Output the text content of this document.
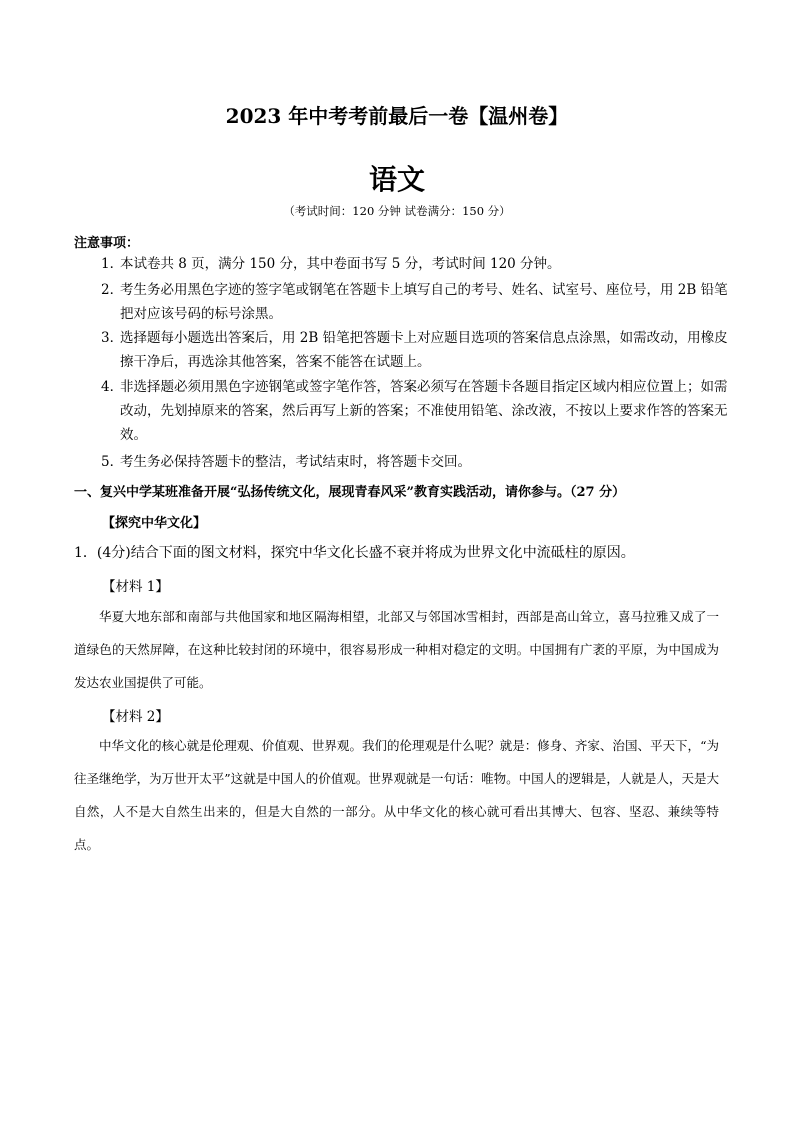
2023 年中考考前最后一卷【温州卷】
语文
（考试时间：120 分钟 试卷满分：150 分）
注意事项：
1．
本试卷共 8 页，满分 150 分，其中卷面书写 5 分，考试时间 120 分钟。
2．
考生务必用黑色字迹的签字笔或钢笔在答题卡上填写自己的考号、姓名、试室号、座位号，用 2B 铅笔把对应该号码的标号涂黑。
3．
选择题每小题选出答案后，用 2B 铅笔把答题卡上对应题目选项的答案信息点涂黑，如需改动，用橡皮擦干净后，再选涂其他答案，答案不能答在试题上。
4．
非选择题必须用黑色字迹钢笔或签字笔作答，答案必须写在答题卡各题目指定区域内相应位置上；如需改动，先划掉原来的答案，然后再写上新的答案；不准使用铅笔、涂改液，不按以上要求作答的答案无效。
5．
考生务必保持答题卡的整洁，考试结束时，将答题卡交回。
一、复兴中学某班准备开展“弘扬传统文化，展现青春风采”教育实践活动，请你参与。（27 分）
【探究中华文化】
1．(4分)结合下面的图文材料，探究中华文化长盛不衰并将成为世界文化中流砥柱的原因。
【材料 1】
华夏大地东部和南部与共他国家和地区隔海相望，北部又与邻国冰雪相封，西部是高山耸立，喜马拉雅又成了一道绿色的天然屏障，在这种比较封闭的环境中，很容易形成一种相对稳定的文明。中国拥有广袤的平原，为中国成为发达农业国提供了可能。
【材料 2】
中华文化的核心就是伦理观、价值观、世界观。我们的伦理观是什么呢？就是：修身、齐家、治国、平天下，“为往圣继绝学，为万世开太平”这就是中国人的价值观。世界观就是一句话：唯物。中国人的逻辑是，人就是人，天是大自然，人不是大自然生出来的，但是大自然的一部分。从中华文化的核心就可看出其博大、包容、坚忍、兼续等特点。
